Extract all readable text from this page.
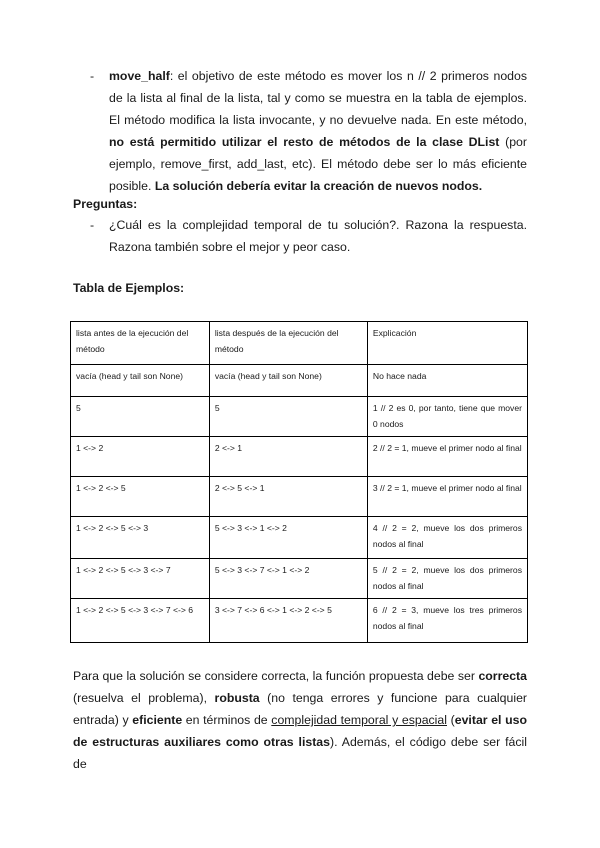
- move_half: el objetivo de este método es mover los n // 2 primeros nodos de la lista al final de la lista, tal y como se muestra en la tabla de ejemplos. El método modifica la lista invocante, y no devuelve nada. En este método, no está permitido utilizar el resto de métodos de la clase DList (por ejemplo, remove_first, add_last, etc). El método debe ser lo más eficiente posible. La solución debería evitar la creación de nuevos nodos.
Preguntas:
- ¿Cuál es la complejidad temporal de tu solución?. Razona la respuesta. Razona también sobre el mejor y peor caso.
Tabla de Ejemplos:
lista antes de la ejecución del método	lista después de la ejecución del método	Explicación
vacía (head y tail son None)	vacía (head y tail son None)	No hace nada
5	5	1 // 2 es 0, por tanto, tiene que mover 0 nodos
1 <-> 2	2 <-> 1	2 // 2 = 1, mueve el primer nodo al final
1 <-> 2 <-> 5	2 <-> 5 <-> 1	3 // 2 = 1, mueve el primer nodo al final
1 <-> 2 <-> 5 <-> 3	5 <-> 3 <-> 1 <-> 2	4 // 2 = 2, mueve los dos primeros nodos al final
1 <-> 2 <-> 5 <-> 3 <-> 7	5 <-> 3 <-> 7 <-> 1 <-> 2	5 // 2 = 2, mueve los dos primeros nodos al final
1 <-> 2 <-> 5 <-> 3 <-> 7 <-> 6	3 <-> 7 <-> 6 <-> 1 <-> 2 <-> 5	6 // 2 = 3, mueve los tres primeros nodos al final
Para que la solución se considere correcta, la función propuesta debe ser correcta (resuelva el problema), robusta (no tenga errores y funcione para cualquier entrada) y eficiente en términos de complejidad temporal y espacial (evitar el uso de estructuras auxiliares como otras listas). Además, el código debe ser fácil de
